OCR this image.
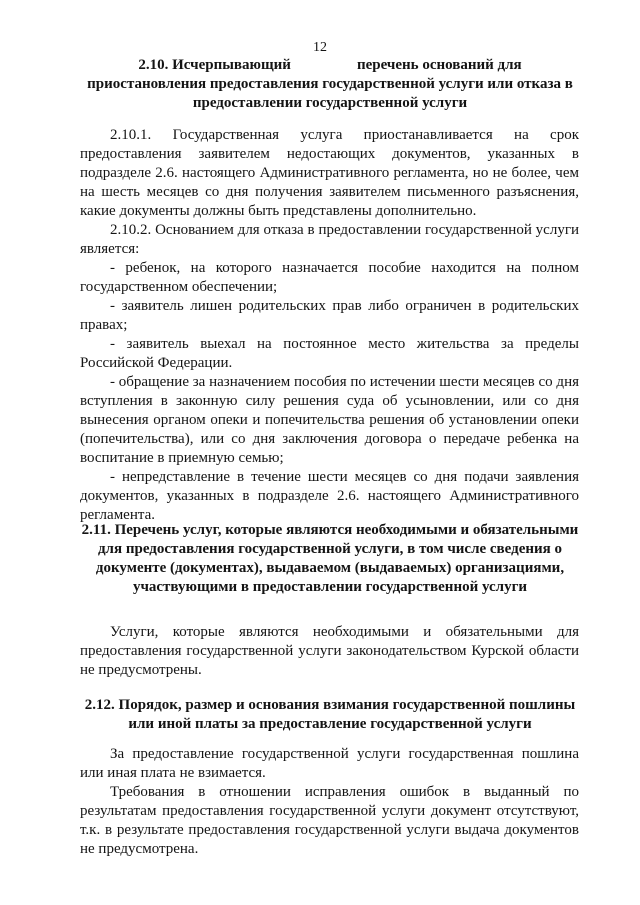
12
2.10. Исчерпывающий	перечень оснований для приостановления предоставления государственной услуги или отказа в предоставлении государственной услуги

2.10.1. Государственная услуга приостанавливается на срок предоставления заявителем недостающих документов, указанных в подразделе 2.6. настоящего Административного регламента, но не более, чем на шесть месяцев со дня получения заявителем письменного разъяснения, какие документы должны быть представлены дополнительно.

2.10.2. Основанием для отказа в предоставлении государственной услуги является:

- ребенок, на которого назначается пособие находится на полном государственном обеспечении;

- заявитель лишен родительских прав либо ограничен в родительских правах;

- заявитель выехал на постоянное место жительства за пределы Российской Федерации.

- обращение за назначением пособия по истечении шести месяцев со дня вступления в законную силу решения суда об усыновлении, или со дня вынесения органом опеки и попечительства решения об установлении опеки (попечительства), или со дня заключения договора о передаче ребенка на воспитание в приемную семью;

- непредставление в течение шести месяцев со дня подачи заявления документов, указанных в подразделе 2.6. настоящего Административного регламента.

2.11. Перечень услуг, которые являются необходимыми и обязательными для предоставления государственной услуги, в том числе сведения о документе (документах), выдаваемом (выдаваемых) организациями, участвующими в предоставлении государственной услуги

Услуги, которые являются необходимыми и обязательными для предоставления государственной услуги законодательством Курской области не предусмотрены.

2.12. Порядок, размер и основания взимания государственной пошлины или иной платы за предоставление государственной услуги

За предоставление государственной услуги государственная пошлина или иная плата не взимается.

Требования в отношении исправления ошибок в выданный по результатам предоставления государственной услуги документ отсутствуют, т.к. в результате предоставления государственной услуги выдача документов не предусмотрена.
